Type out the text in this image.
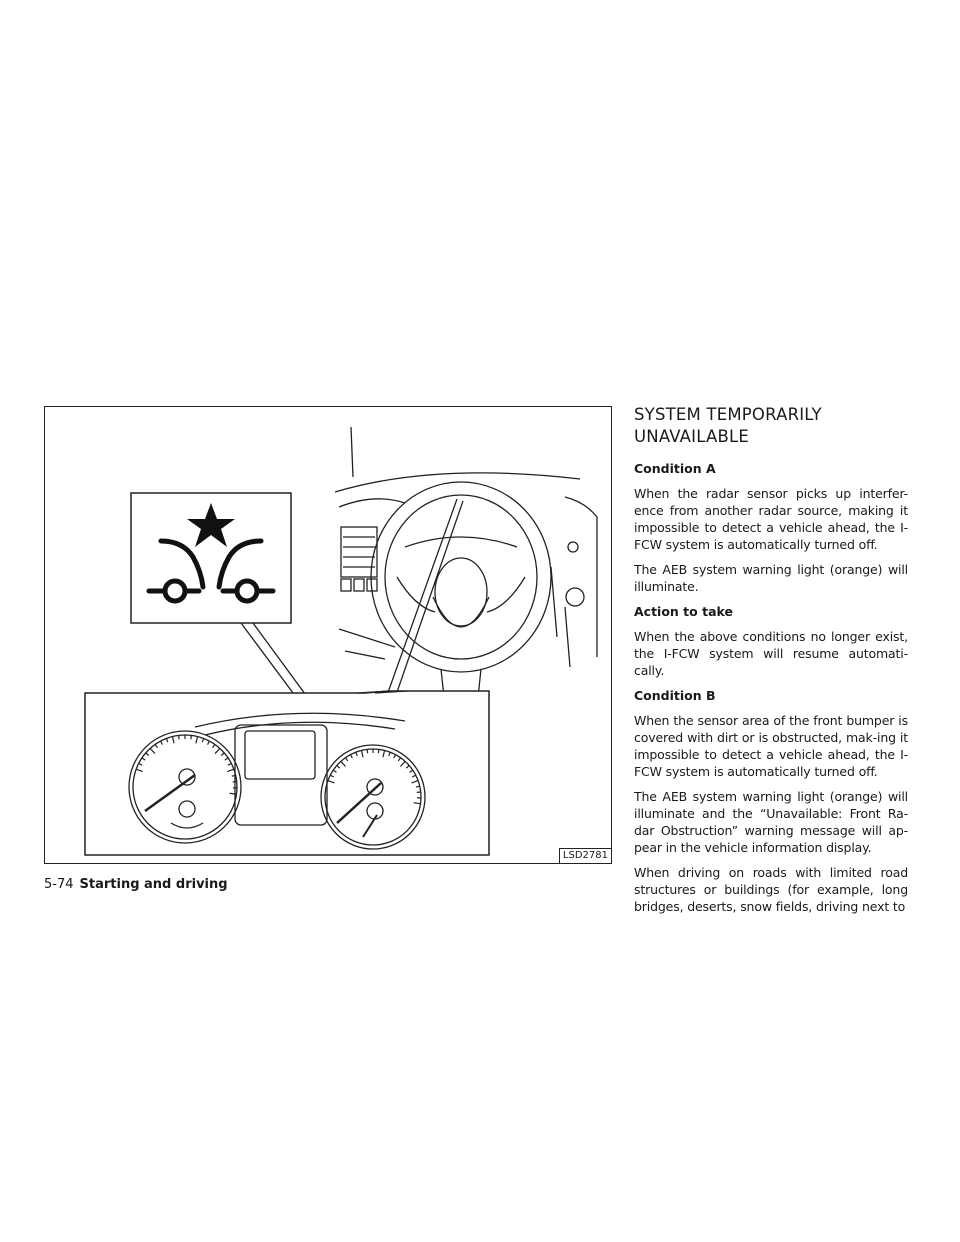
LSD2781
SYSTEM TEMPORARILY
UNAVAILABLE
Condition A
When the radar sensor picks up interfer-ence from another radar source, making it impossible to detect a vehicle ahead, the I-FCW system is automatically turned off.
The AEB system warning light (orange) will illuminate.
Action to take
When the above conditions no longer exist, the I-FCW system will resume automati-cally.
Condition B
When the sensor area of the front bumper is covered with dirt or is obstructed, mak-ing it impossible to detect a vehicle ahead, the I-FCW system is automatically turned off.
The AEB system warning light (orange) will illuminate and the “Unavailable: Front Ra-dar Obstruction” warning message will ap-pear in the vehicle information display.
When driving on roads with limited road structures or buildings (for example, long bridges, deserts, snow fields, driving next to
5-74 Starting and driving
